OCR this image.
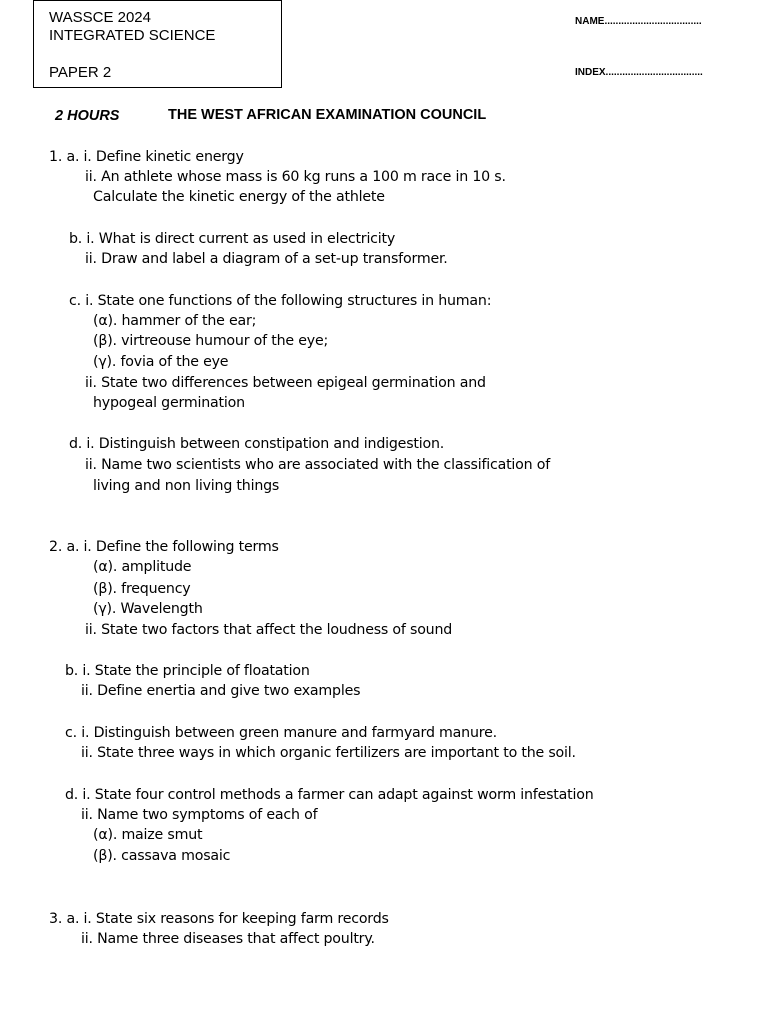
WASSCE 2024
INTEGRATED SCIENCE
PAPER 2
NAME...................................
INDEX...................................
2 HOURS	THE WEST AFRICAN EXAMINATION COUNCIL
1. a. i. Define kinetic energy
ii. An athlete whose mass is 60 kg runs a 100 m race in 10 s.
Calculate the kinetic energy of the athlete
b. i. What is direct current as used in electricity
ii. Draw and label a diagram of a set-up transformer.
c. i. State one functions of the following structures in human:
(α). hammer of the ear;
(β). virtreouse humour of the eye;
(γ). fovia of the eye
ii. State two differences between epigeal germination and
hypogeal germination
d. i. Distinguish between constipation and indigestion.
ii. Name two scientists who are associated with the classification of
living and non living things
2. a. i. Define the following terms
(α). amplitude
(β). frequency
(γ). Wavelength
ii. State two factors that affect the loudness of sound
b. i. State the principle of floatation
ii. Define enertia and give two examples
c. i. Distinguish between green manure and farmyard manure.
ii. State three ways in which organic fertilizers are important to the soil.
d. i. State four control methods a farmer can adapt against worm infestation
ii. Name two symptoms of each of
(α). maize smut
(β). cassava mosaic
3. a. i. State six reasons for keeping farm records
ii. Name three diseases that affect poultry.
